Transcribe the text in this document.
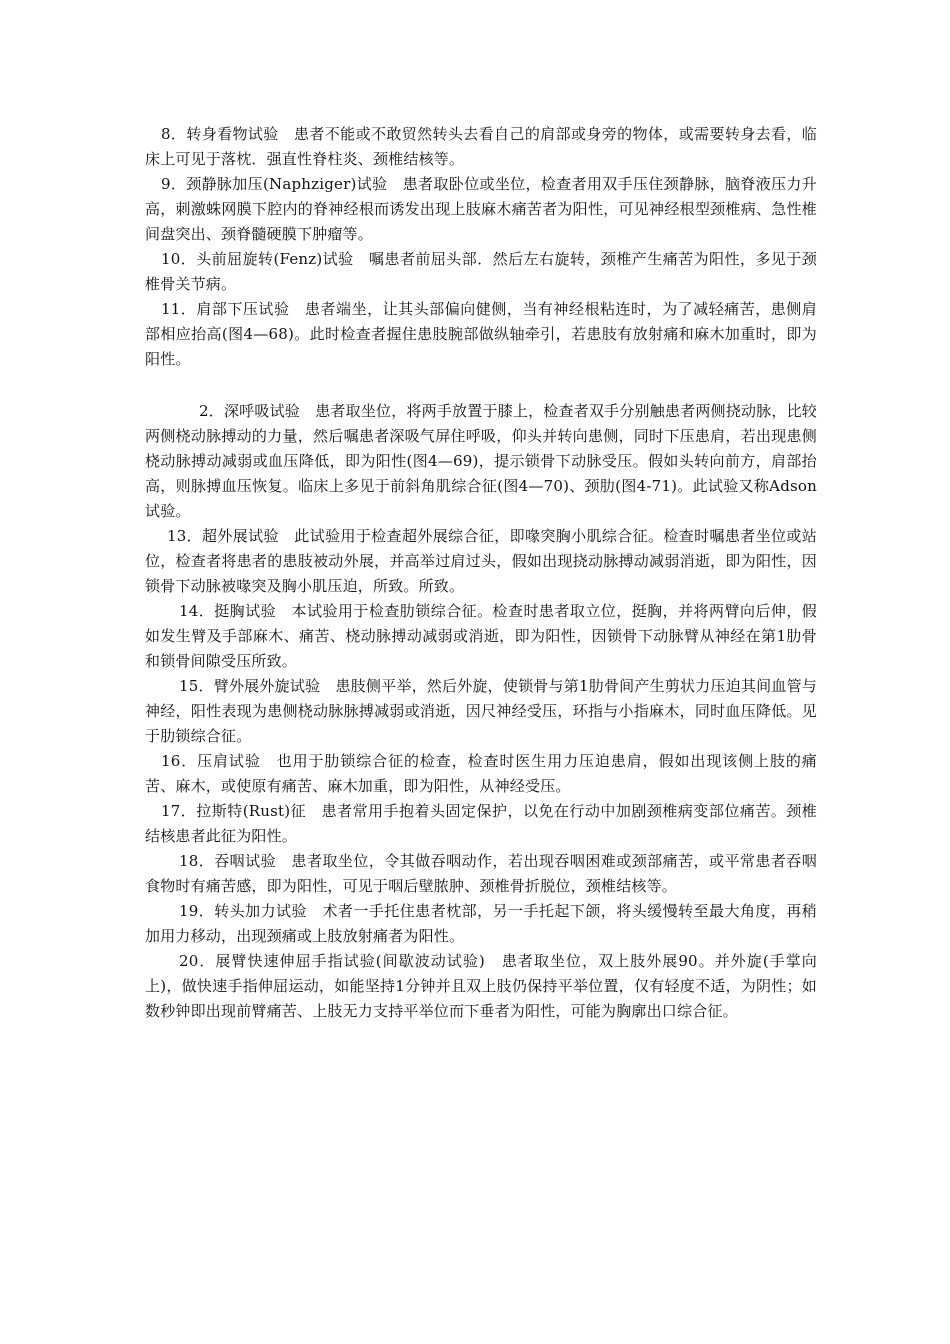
8．转身看物试验　患者不能或不敢贸然转头去看自己的肩部或身旁的物体，或需要转身去看，临床上可见于落枕．强直性脊柱炎、颈椎结核等。

9．颈静脉加压(Naphziger)试验　患者取卧位或坐位，检查者用双手压住颈静脉，脑脊液压力升高，刺激蛛网膜下腔内的脊神经根而诱发出现上肢麻木痛苦者为阳性，可见神经根型颈椎病、急性椎间盘突出、颈脊髓硬膜下肿瘤等。

10．头前屈旋转(Fenz)试验　嘱患者前屈头部．然后左右旋转，颈椎产生痛苦为阳性，多见于颈椎骨关节病。

11．肩部下压试验　患者端坐，让其头部偏向健侧，当有神经根粘连时，为了减轻痛苦，患侧肩部相应抬高(图4—68)。此时检查者握住患肢腕部做纵轴牵引，若患肢有放射痛和麻木加重时，即为阳性。

2．深呼吸试验　患者取坐位，将两手放置于膝上，检查者双手分别触患者两侧挠动脉，比较两侧桡动脉搏动的力量，然后嘱患者深吸气屏住呼吸，仰头并转向患侧，同时下压患肩，若出现患侧桡动脉搏动减弱或血压降低，即为阳性(图4—69)，提示锁骨下动脉受压。假如头转向前方，肩部抬高，则脉搏血压恢复。临床上多见于前斜角肌综合征(图4—70)、颈肋(图4-71)。此试验又称Adson试验。

13．超外展试验　此试验用于检查超外展综合征，即喙突胸小肌综合征。检查时嘱患者坐位或站位，检查者将患者的患肢被动外展，并高举过肩过头，假如出现挠动脉搏动减弱消逝，即为阳性，因锁骨下动脉被喙突及胸小肌压迫，所致。所致。

14．挺胸试验　本试验用于检查肋锁综合征。检查时患者取立位，挺胸，并将两臂向后伸，假如发生臂及手部麻木、痛苦、桡动脉搏动减弱或消逝，即为阳性，因锁骨下动脉臂从神经在第1肋骨和锁骨间隙受压所致。

15．臂外展外旋试验　患肢侧平举，然后外旋，使锁骨与第1肋骨间产生剪状力压迫其间血管与神经，阳性表现为患侧桡动脉脉搏减弱或消逝，因尺神经受压，环指与小指麻木，同时血压降低。见于肋锁综合征。

16．压肩试验　也用于肋锁综合征的检查，检查时医生用力压迫患肩，假如出现该侧上肢的痛苦、麻木，或使原有痛苦、麻木加重，即为阳性，从神经受压。

17．拉斯特(Rust)征　患者常用手抱着头固定保护，以免在行动中加剧颈椎病变部位痛苦。颈椎结核患者此征为阳性。

18．吞咽试验　患者取坐位，令其做吞咽动作，若出现吞咽困难或颈部痛苦，或平常患者吞咽食物时有痛苦感，即为阳性，可见于咽后壁脓肿、颈椎骨折脱位，颈椎结核等。

19．转头加力试验　术者一手托住患者枕部，另一手托起下颌，将头缓慢转至最大角度，再稍加用力移动，出现颈痛或上肢放射痛者为阳性。

20．展臂快速伸屈手指试验(间歇波动试验)　患者取坐位，双上肢外展90。并外旋(手掌向上)，做快速手指伸屈运动，如能坚持1分钟并且双上肢仍保持平举位置，仅有轻度不适，为阴性；如数秒钟即出现前臂痛苦、上肢无力支持平举位而下垂者为阳性，可能为胸廓出口综合征。
